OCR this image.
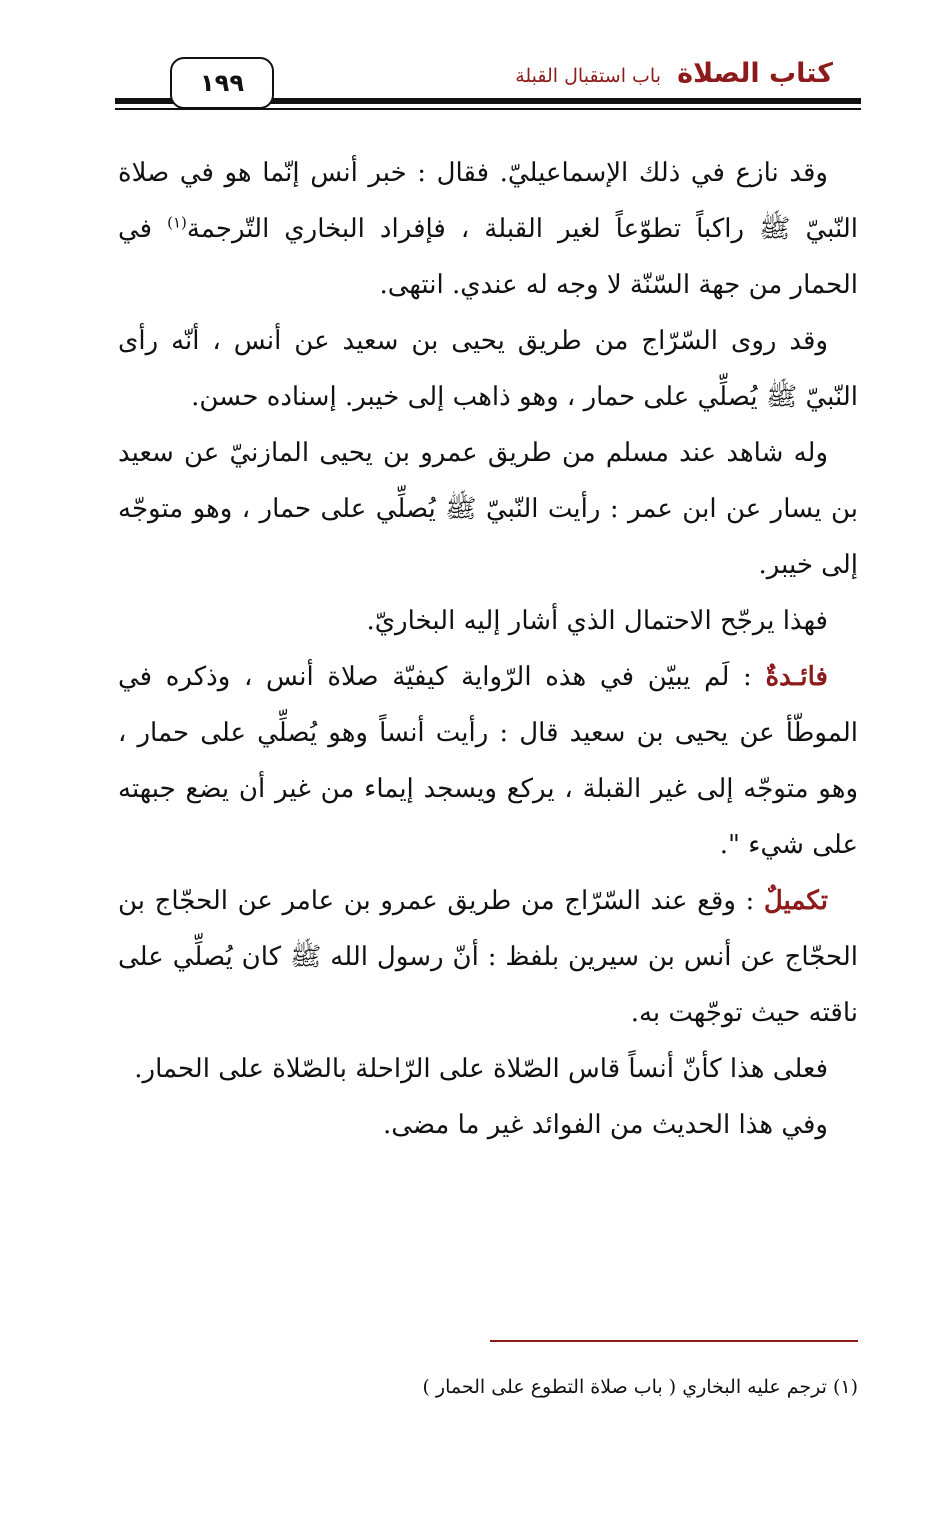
كتاب الصلاة
باب استقبال القبلة
١٩٩

وقد نازع في ذلك الإسماعيليّ. فقال : خبر أنس إنّما هو في صلاة النّبيّ ﷺ راكباً تطوّعاً لغير القبلة ، فإفراد البخاري التّرجمة$^{(١)}$ في الحمار من جهة السّنّة لا وجه له عندي. انتهى.

وقد روى السّرّاج من طريق يحيى بن سعيد عن أنس ، أنّه رأى النّبيّ ﷺ يُصلِّي على حمار ، وهو ذاهب إلى خيبر. إسناده حسن.

وله شاهد عند مسلم من طريق عمرو بن يحيى المازنيّ عن سعيد بن يسار عن ابن عمر : رأيت النّبيّ ﷺ يُصلِّي على حمار ، وهو متوجّه إلى خيبر.

فهذا يرجّح الاحتمال الذي أشار إليه البخاريّ.

فائـدةٌ : لَم يبيّن في هذه الرّواية كيفيّة صلاة أنس ، وذكره في الموطّأ عن يحيى بن سعيد قال : رأيت أنساً وهو يُصلِّي على حمار ، وهو متوجّه إلى غير القبلة ، يركع ويسجد إيماء من غير أن يضع جبهته على شيء ".

تكميلٌ : وقع عند السّرّاج من طريق عمرو بن عامر عن الحجّاج بن الحجّاج عن أنس بن سيرين بلفظ : أنّ رسول الله ﷺ كان يُصلِّي على ناقته حيث توجّهت به.

فعلى هذا كأنّ أنساً قاس الصّلاة على الرّاحلة بالصّلاة على الحمار.

وفي هذا الحديث من الفوائد غير ما مضى.

(١) ترجم عليه البخاري ( باب صلاة التطوع على الحمار )
